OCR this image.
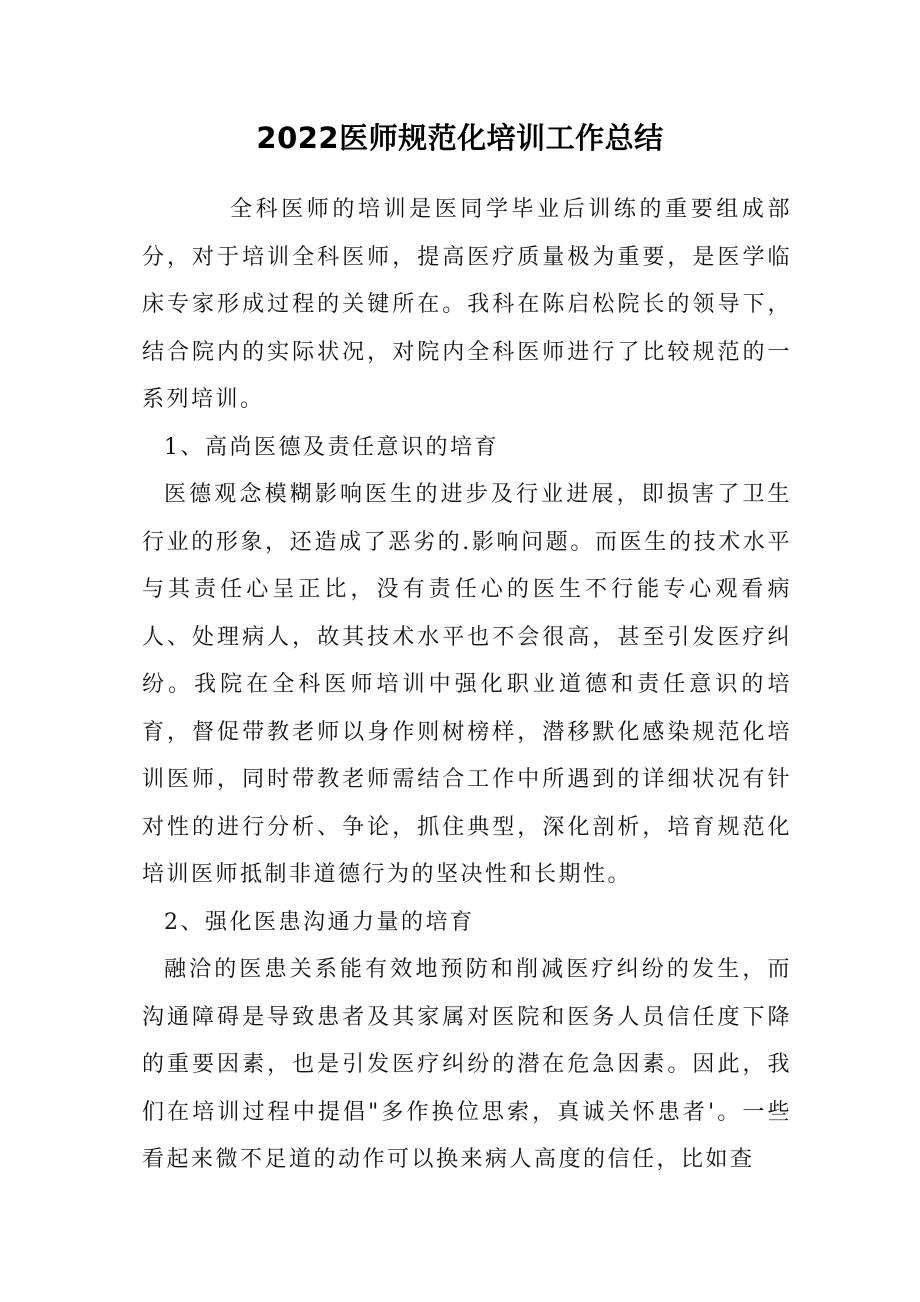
2022医师规范化培训工作总结

全科医师的培训是医同学毕业后训练的重要组成部分，对于培训全科医师，提高医疗质量极为重要，是医学临床专家形成过程的关键所在。我科在陈启松院长的领导下，结合院内的实际状况，对院内全科医师进行了比较规范的一系列培训。

1、高尚医德及责任意识的培育

医德观念模糊影响医生的进步及行业进展，即损害了卫生行业的形象，还造成了恶劣的.影响问题。而医生的技术水平与其责任心呈正比，没有责任心的医生不行能专心观看病人、处理病人，故其技术水平也不会很高，甚至引发医疗纠纷。我院在全科医师培训中强化职业道德和责任意识的培育，督促带教老师以身作则树榜样，潜移默化感染规范化培训医师，同时带教老师需结合工作中所遇到的详细状况有针对性的进行分析、争论，抓住典型，深化剖析，培育规范化培训医师抵制非道德行为的坚决性和长期性。

2、强化医患沟通力量的培育

融洽的医患关系能有效地预防和削减医疗纠纷的发生，而沟通障碍是导致患者及其家属对医院和医务人员信任度下降的重要因素，也是引发医疗纠纷的潜在危急因素。因此，我们在培训过程中提倡"多作换位思索，真诚关怀患者'。一些看起来微不足道的动作可以换来病人高度的信任，比如查
